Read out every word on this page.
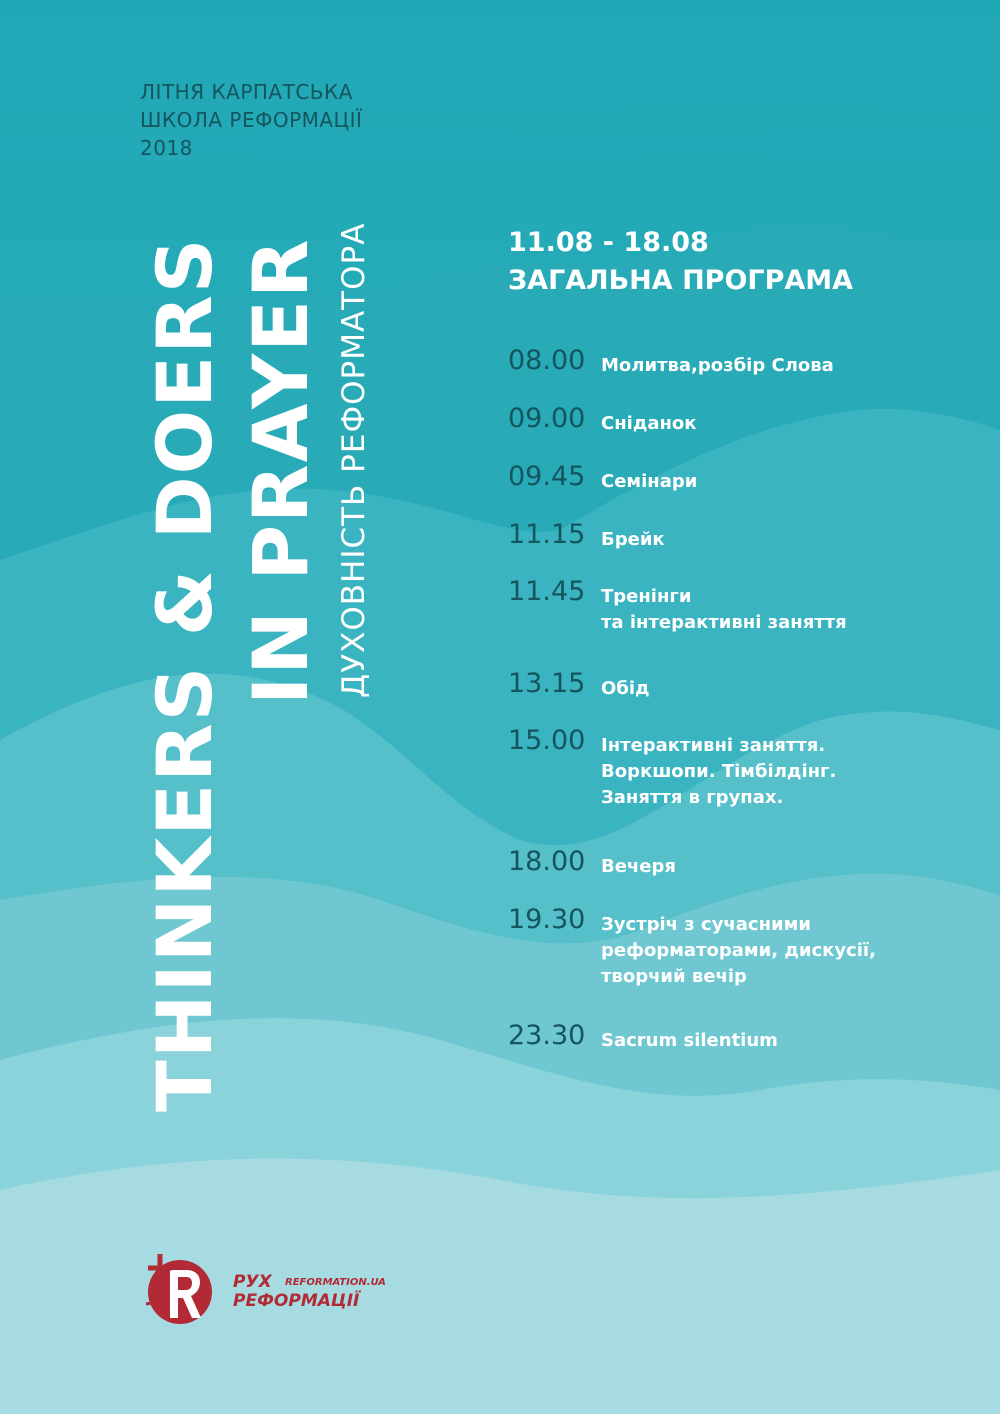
ЛІТНЯ КАРПАТСЬКА
ШКОЛА РЕФОРМАЦІЇ
2018
THINKERS & DOERS IN PRAYER ДУХОВНІСТЬ РЕФОРМАТОРА	11.08 - 18.08
ЗАГАЛЬНА ПРОГРАМА
08.00 Молитва,розбір Слова
09.00 Сніданок
09.45 Семінари
11.15 Брейк
11.45 Тренінги
та інтерактивні заняття
13.15 Обід
15.00 Інтерактивні заняття.
Воркшопи. Тімбілдінг.
Заняття в групах.
18.00 Вечеря
19.30 Зустріч з сучасними
реформаторами, дискусії,
творчий вечір
23.30 Sacrum silentium
РУХ REFORMATION.UA
РЕФОРМАЦІЇ
